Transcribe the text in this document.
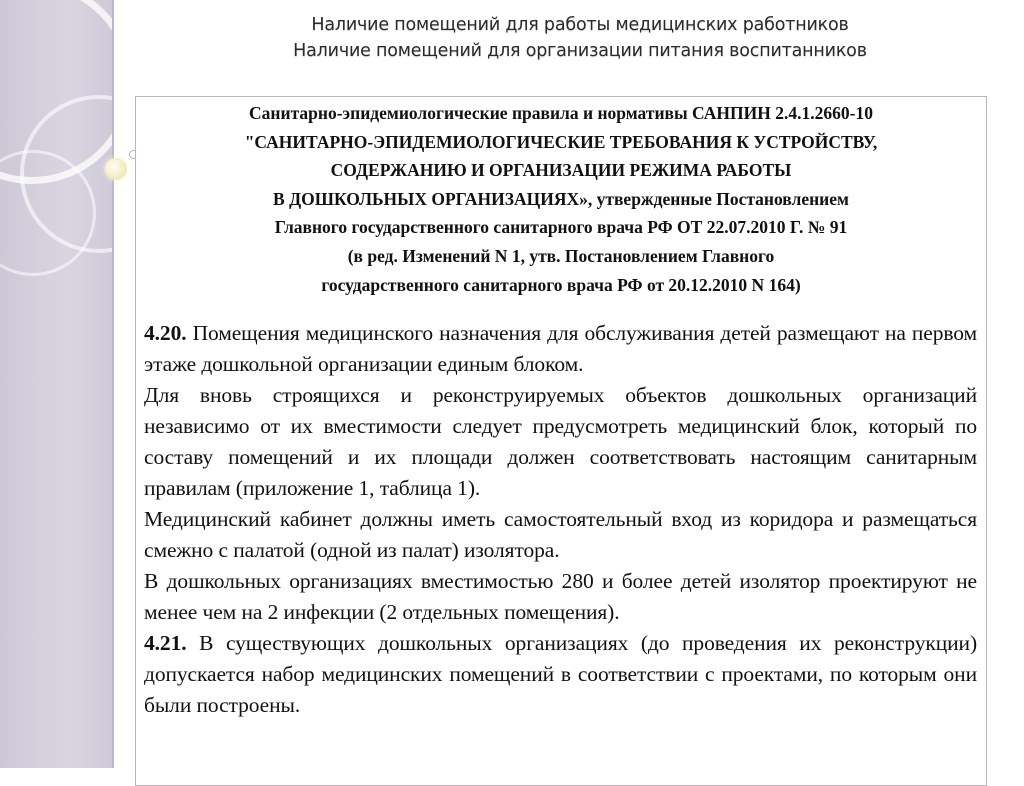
Наличие помещений для работы медицинских работников
Наличие помещений для организации питания воспитанников
Санитарно-эпидемиологические правила и нормативы САНПИН 2.4.1.2660-10
"САНИТАРНО-ЭПИДЕМИОЛОГИЧЕСКИЕ ТРЕБОВАНИЯ К УСТРОЙСТВУ,
СОДЕРЖАНИЮ И ОРГАНИЗАЦИИ РЕЖИМА РАБОТЫ
В ДОШКОЛЬНЫХ ОРГАНИЗАЦИЯХ», утвержденные Постановлением
Главного государственного санитарного врача РФ ОТ 22.07.2010 Г. № 91
(в ред. Изменений N 1, утв. Постановлением Главного
государственного санитарного врача РФ от 20.12.2010 N 164)

4.20. Помещения медицинского назначения для обслуживания детей размещают на первом этаже дошкольной организации единым блоком.

Для вновь строящихся и реконструируемых объектов дошкольных организаций независимо от их вместимости следует предусмотреть медицинский блок, который по составу помещений и их площади должен соответствовать настоящим санитарным правилам (приложение 1, таблица 1).

Медицинский кабинет должны иметь самостоятельный вход из коридора и размещаться смежно с палатой (одной из палат) изолятора.

В дошкольных организациях вместимостью 280 и более детей изолятор проектируют не менее чем на 2 инфекции (2 отдельных помещения).

4.21. В существующих дошкольных организациях (до проведения их реконструкции) допускается набор медицинских помещений в соответствии с проектами, по которым они были построены.
